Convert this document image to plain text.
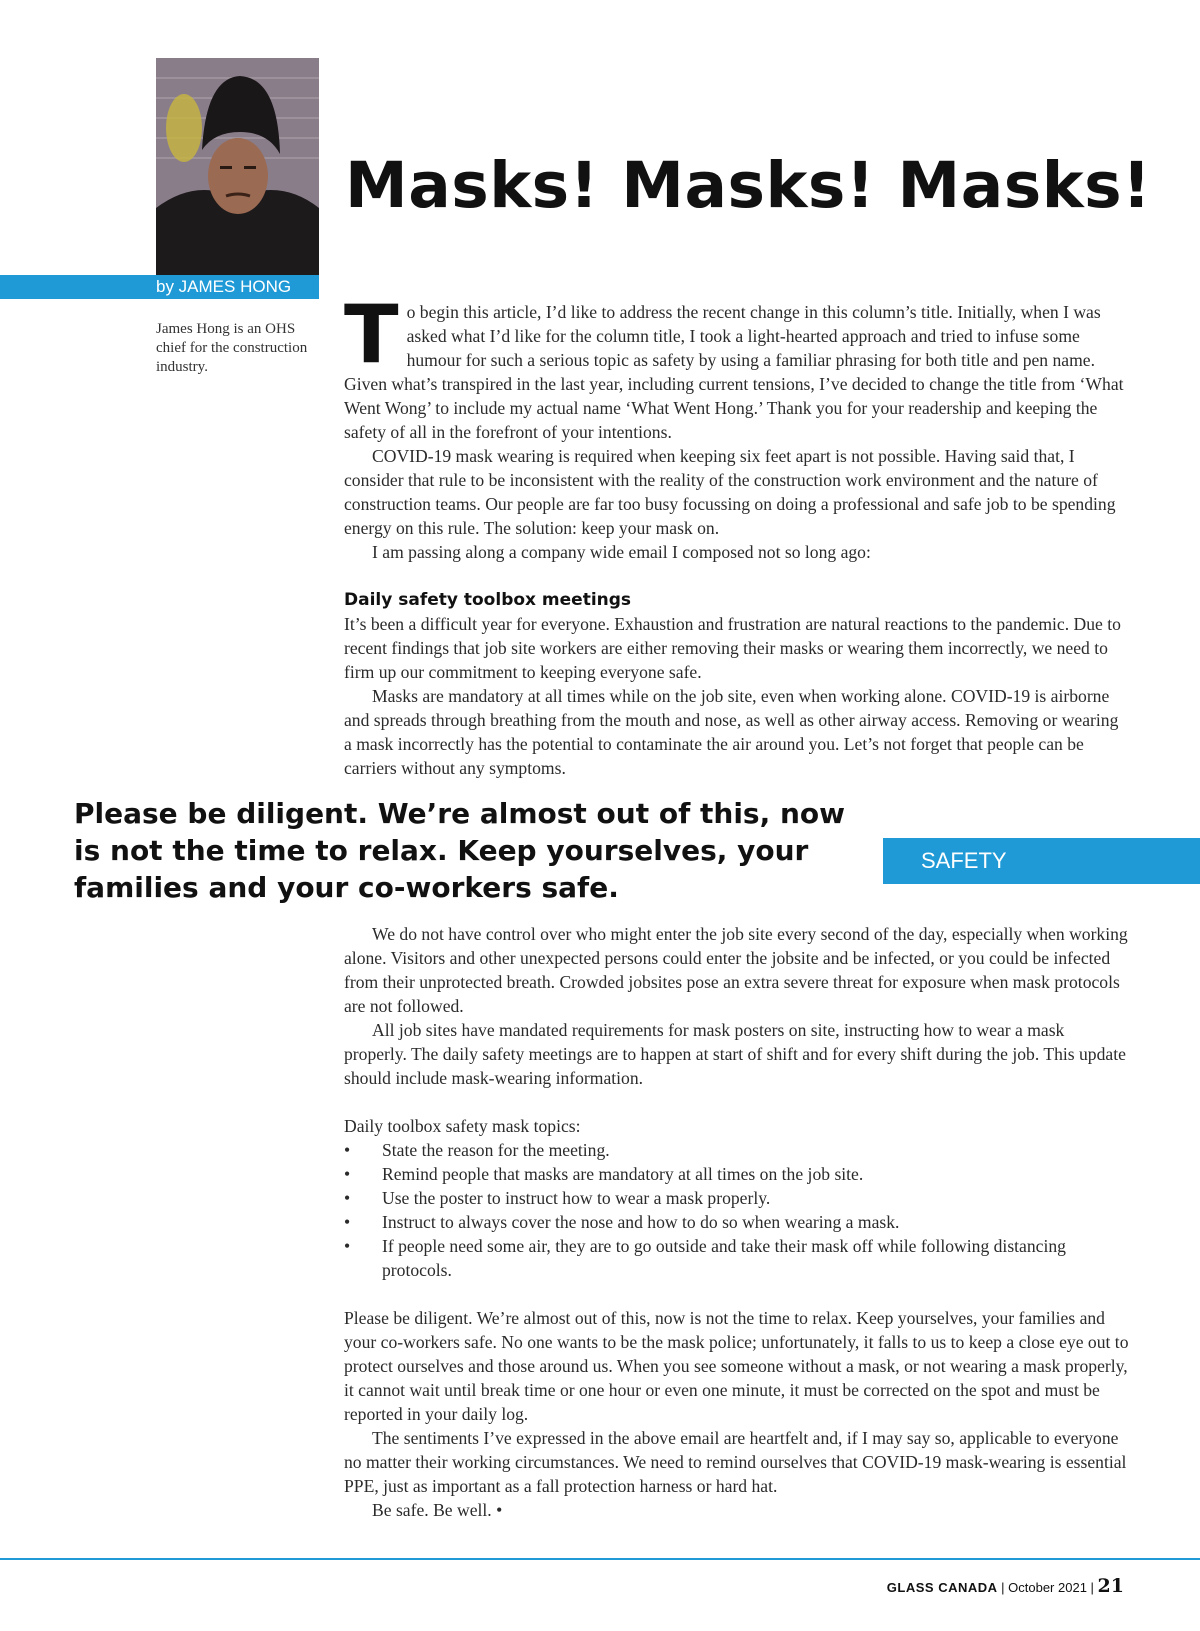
by JAMES HONG
James Hong is an OHS chief for the construction industry.
Masks! Masks! Masks!

To begin this article, I’d like to address the recent change in this column’s title. Initially, when I was asked what I’d like for the column title, I took a light-hearted approach and tried to infuse some humour for such a serious topic as safety by using a familiar phrasing for both title and pen name. Given what’s transpired in the last year, including current tensions, I’ve decided to change the title from ‘What Went Wong’ to include my actual name ‘What Went Hong.’ Thank you for your readership and keeping the safety of all in the forefront of your intentions.

COVID-19 mask wearing is required when keeping six feet apart is not possible. Having said that, I consider that rule to be inconsistent with the reality of the construction work environment and the nature of construction teams. Our people are far too busy focussing on doing a professional and safe job to be spending energy on this rule. The solution: keep your mask on.

I am passing along a company wide email I composed not so long ago:

Daily safety toolbox meetings

It’s been a difficult year for everyone. Exhaustion and frustration are natural reactions to the pandemic. Due to recent findings that job site workers are either removing their masks or wearing them incorrectly, we need to firm up our commitment to keeping everyone safe.

Masks are mandatory at all times while on the job site, even when working alone. COVID-19 is airborne and spreads through breathing from the mouth and nose, as well as other airway access. Removing or wearing a mask incorrectly has the potential to contaminate the air around you. Let’s not forget that people can be carriers without any symptoms.

Please be diligent. We’re almost out of this, now is not the time to relax. Keep yourselves, your families and your co-workers safe.

SAFETY

We do not have control over who might enter the job site every second of the day, especially when working alone. Visitors and other unexpected persons could enter the jobsite and be infected, or you could be infected from their unprotected breath. Crowded jobsites pose an extra severe threat for exposure when mask protocols are not followed.

All job sites have mandated requirements for mask posters on site, instructing how to wear a mask properly. The daily safety meetings are to happen at start of shift and for every shift during the job. This update should include mask-wearing information.

Daily toolbox safety mask topics:

• State the reason for the meeting.
• Remind people that masks are mandatory at all times on the job site.
• Use the poster to instruct how to wear a mask properly.
• Instruct to always cover the nose and how to do so when wearing a mask.
• If people need some air, they are to go outside and take their mask off while following distancing protocols.

Please be diligent. We’re almost out of this, now is not the time to relax. Keep yourselves, your families and your co-workers safe. No one wants to be the mask police; unfortunately, it falls to us to keep a close eye out to protect ourselves and those around us. When you see someone without a mask, or not wearing a mask properly, it cannot wait until break time or one hour or even one minute, it must be corrected on the spot and must be reported in your daily log.

The sentiments I’ve expressed in the above email are heartfelt and, if I may say so, applicable to everyone no matter their working circumstances. We need to remind ourselves that COVID-19 mask-wearing is essential PPE, just as important as a fall protection harness or hard hat.

Be safe. Be well. •

GLASS CANADA | October 2021 | 21
